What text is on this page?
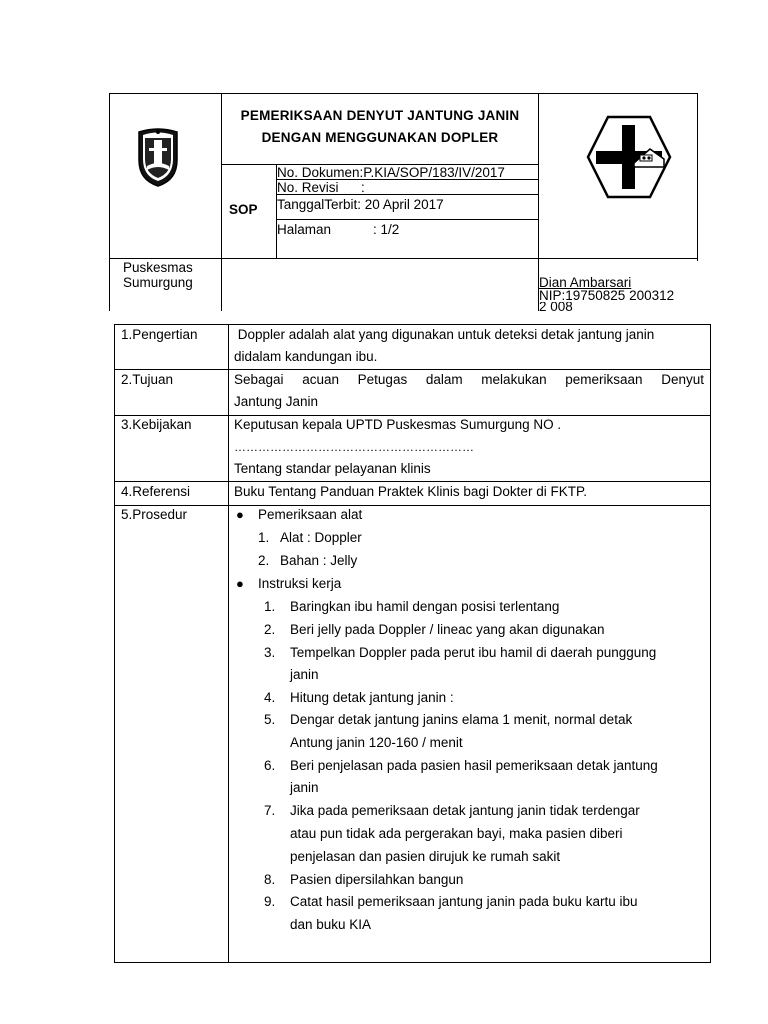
PEMERIKSAAN DENYUT JANTUNG JANIN
DENGAN MENGGUNAKAN DOPLER
SOP
No. Dokumen:P.KIA/SOP/183/IV/2017
No. Revisi      :
TanggalTerbit: 20 April 2017
Halaman	: 1/2
Puskesmas
Sumurgung	Dian Ambarsari
NIP:19750825 200312
2 008
1.Pengertian
2.Tujuan
3.Kebijakan
4.Referensi
5.Prosedur
Doppler adalah alat yang digunakan untuk deteksi detak jantung janin
didalam kandungan ibu.
Sebagai acuan Petugas dalam melakukan pemeriksaan Denyut
Jantung Janin
Keputusan kepala UPTD Puskesmas Sumurgung NO .
……………………………………………………
Tentang standar pelayanan klinis
Buku Tentang Panduan Praktek Klinis bagi Dokter di FKTP.
● Pemeriksaan alat
1. Alat : Doppler
2. Bahan : Jelly
● Instruksi kerja
1. Baringkan ibu hamil dengan posisi terlentang
2. Beri jelly pada Doppler / lineac yang akan digunakan
3. Tempelkan Doppler pada perut ibu hamil di daerah punggung
janin
4. Hitung detak jantung janin :
5. Dengar detak jantung janins elama 1 menit, normal detak
Antung janin 120-160 / menit
6. Beri penjelasan pada pasien hasil pemeriksaan detak jantung
janin
7. Jika pada pemeriksaan detak jantung janin tidak terdengar
atau pun tidak ada pergerakan bayi, maka pasien diberi
penjelasan dan pasien dirujuk ke rumah sakit
8. Pasien dipersilahkan bangun
9. Catat hasil pemeriksaan jantung janin pada buku kartu ibu
dan buku KIA
